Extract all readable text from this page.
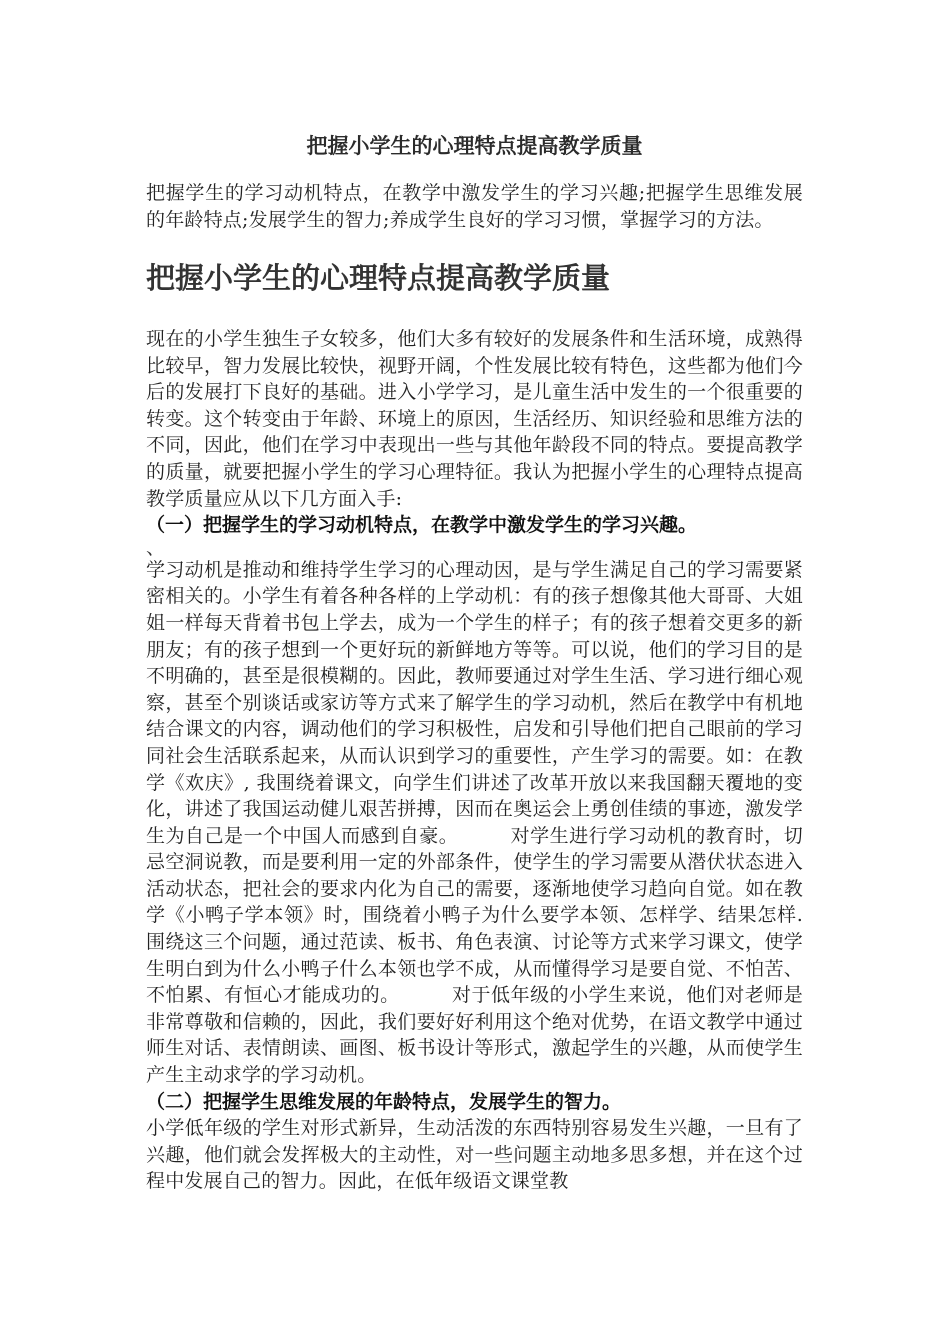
把握小学生的心理特点提高教学质量

把握学生的学习动机特点，在教学中激发学生的学习兴趣;把握学生思维发展的年龄特点;发展学生的智力;养成学生良好的学习习惯，掌握学习的方法。

把握小学生的心理特点提高教学质量

现在的小学生独生子女较多，他们大多有较好的发展条件和生活环境，成熟得比较早，智力发展比较快，视野开阔，个性发展比较有特色，这些都为他们今后的发展打下良好的基础。进入小学学习，是儿童生活中发生的一个很重要的转变。这个转变由于年龄、环境上的原因，生活经历、知识经验和思维方法的不同，因此，他们在学习中表现出一些与其他年龄段不同的特点。要提高教学的质量，就要把握小学生的学习心理特征。我认为把握小学生的心理特点提高教学质量应从以下几方面入手:

（一）把握学生的学习动机特点，在教学中激发学生的学习兴趣。

、

学习动机是推动和维持学生学习的心理动因，是与学生满足自己的学习需要紧密相关的。小学生有着各种各样的上学动机：有的孩子想像其他大哥哥、大姐姐一样每天背着书包上学去，成为一个学生的样子；有的孩子想着交更多的新朋友；有的孩子想到一个更好玩的新鲜地方等等。可以说，他们的学习目的是不明确的，甚至是很模糊的。因此，教师要通过对学生生活、学习进行细心观察，甚至个别谈话或家访等方式来了解学生的学习动机，然后在教学中有机地结合课文的内容，调动他们的学习积极性，启发和引导他们把自己眼前的学习同社会生活联系起来，从而认识到学习的重要性，产生学习的需要。如：在教学《欢庆》, 我围绕着课文，向学生们讲述了改革开放以来我国翻天覆地的变化，讲述了我国运动健儿艰苦拼搏，因而在奥运会上勇创佳绩的事迹，激发学生为自己是一个中国人而感到自豪。	对学生进行学习动机的教育时，切忌空洞说教，而是要利用一定的外部条件，使学生的学习需要从潜伏状态进入活动状态，把社会的要求内化为自己的需要，逐渐地使学习趋向自觉。如在教学《小鸭子学本领》时，围绕着小鸭子为什么要学本领、怎样学、结果怎样. 围绕这三个问题，通过范读、板书、角色表演、讨论等方式来学习课文，使学生明白到为什么小鸭子什么本领也学不成，从而懂得学习是要自觉、不怕苦、不怕累、有恒心才能成功的。	对于低年级的小学生来说，他们对老师是非常尊敬和信赖的，因此，我们要好好利用这个绝对优势，在语文教学中通过师生对话、表情朗读、画图、板书设计等形式，激起学生的兴趣，从而使学生产生主动求学的学习动机。

（二）把握学生思维发展的年龄特点，发展学生的智力。

小学低年级的学生对形式新异，生动活泼的东西特别容易发生兴趣，一旦有了兴趣，他们就会发挥极大的主动性，对一些问题主动地多思多想，并在这个过程中发展自己的智力。因此，在低年级语文课堂教
